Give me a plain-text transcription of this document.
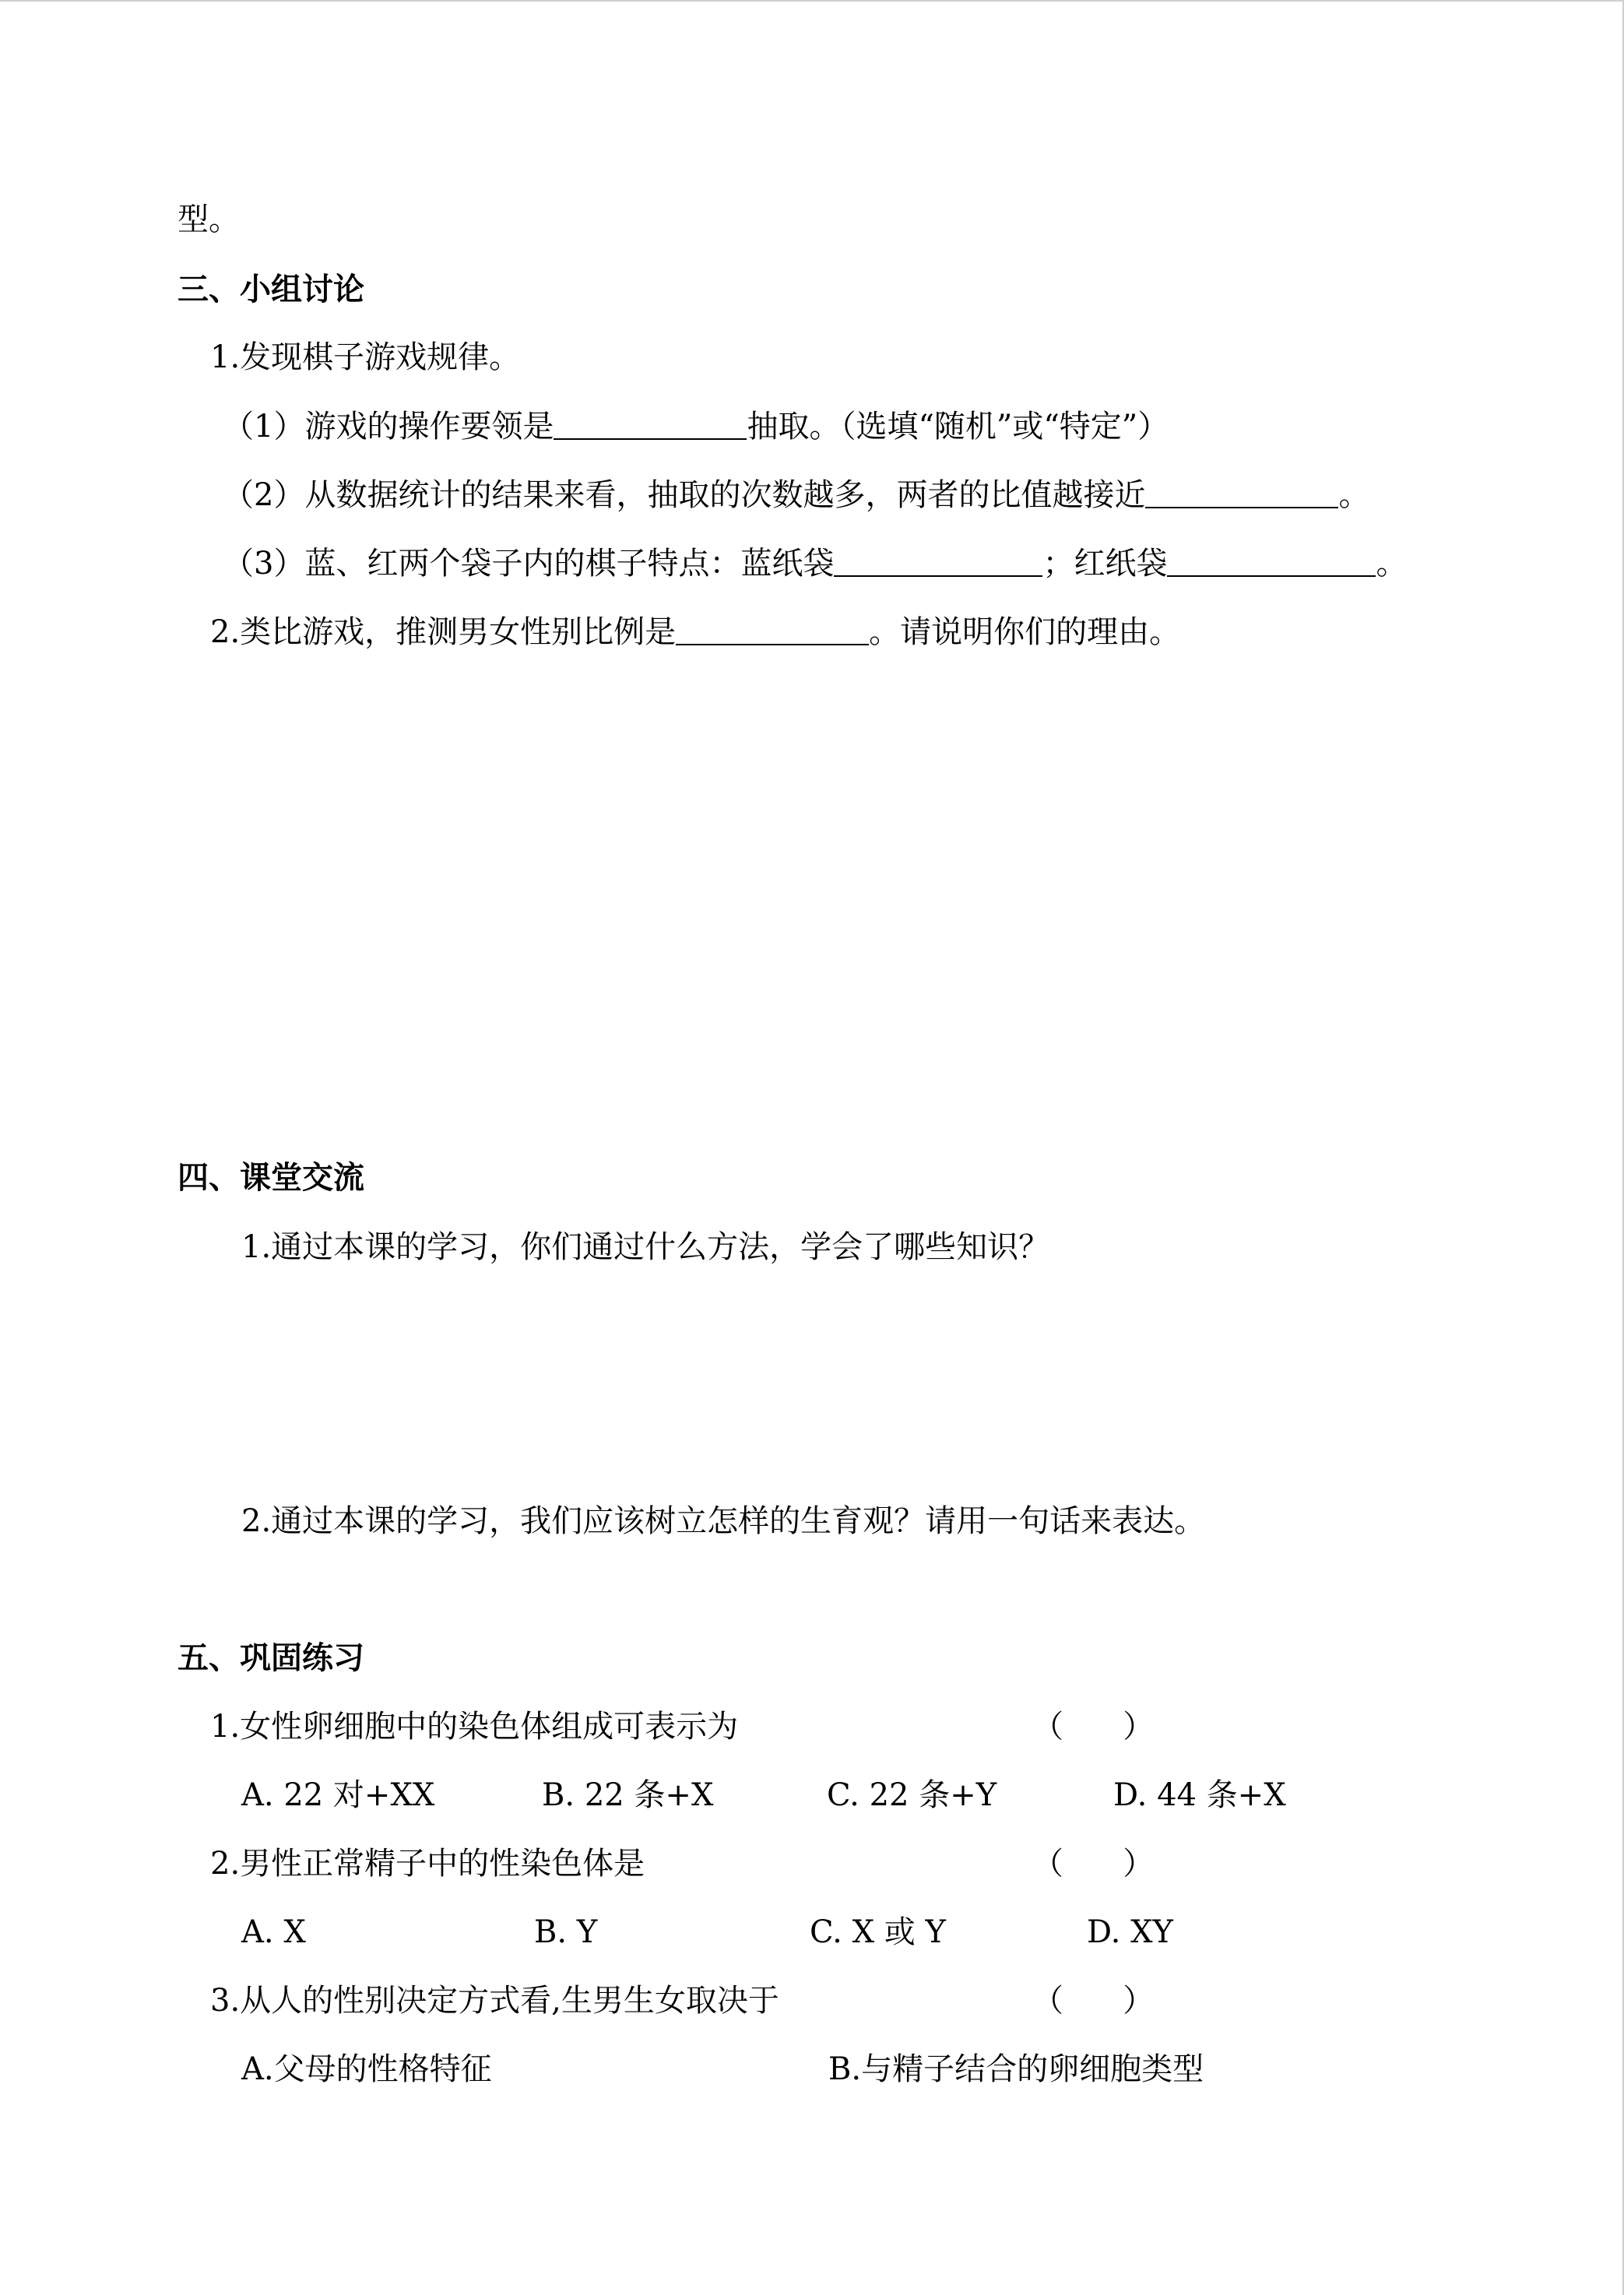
型。
三、小组讨论
1.发现棋子游戏规律。
（1）游戏的操作要领是	抽取。（选填“随机”或“特定”）
（2）从数据统计的结果来看，抽取的次数越多，两者的比值越接近	。
（3）蓝、红两个袋子内的棋子特点：蓝纸袋	；红纸袋	。
2.类比游戏，推测男女性别比例是	。请说明你们的理由。
四、课堂交流
1.通过本课的学习，你们通过什么方法，学会了哪些知识？
2.通过本课的学习，我们应该树立怎样的生育观？请用一句话来表达。
五、巩固练习
1.女性卵细胞中的染色体组成可表示为	（      ）
A. 22 对+XX	B. 22 条+X	C. 22 条+Y	D. 44 条+X
2.男性正常精子中的性染色体是	（      ）
A. X	B. Y	C. X 或 Y	D. XY
3.从人的性别决定方式看,生男生女取决于	（      ）
A.父母的性格特征	B.与精子结合的卵细胞类型
